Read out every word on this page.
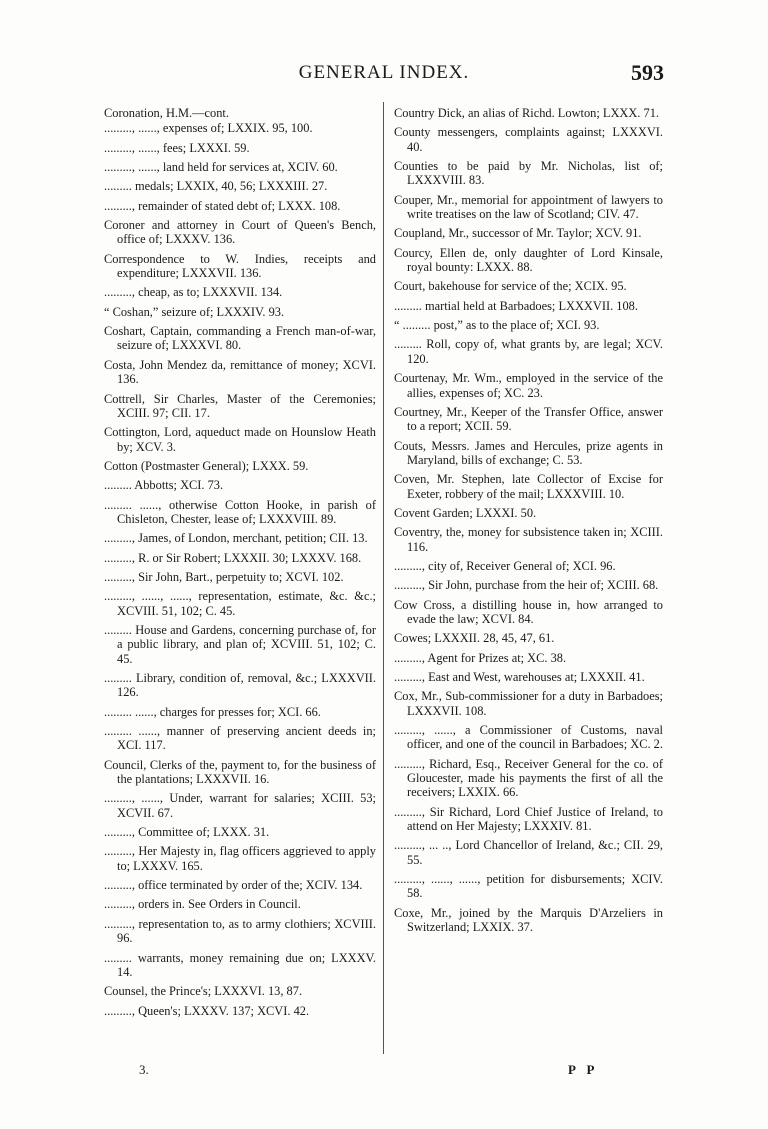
GENERAL INDEX.	593
Coronation, H.M.—cont.
........., ......, expenses of; LXXIX. 95, 100.
........., ......, fees; LXXXI. 59.
........., ......, land held for services at, XCIV. 60.
......... medals; LXXIX, 40, 56; LXXXIII. 27.
........., remainder of stated debt of; LXXX. 108.
Coroner and attorney in Court of Queen's Bench, office of; LXXXV. 136.
Correspondence to W. Indies, receipts and expenditure; LXXXVII. 136.
........., cheap, as to; LXXXVII. 134.
“ Coshan,” seizure of; LXXXIV. 93.
Coshart, Captain, commanding a French man-of-war, seizure of; LXXXVI. 80.
Costa, John Mendez da, remittance of money; XCVI. 136.
Cottrell, Sir Charles, Master of the Ceremonies; XCIII. 97; CII. 17.
Cottington, Lord, aqueduct made on Hounslow Heath by; XCV. 3.
Cotton (Postmaster General); LXXX. 59.
......... Abbotts; XCI. 73.
......... ......, otherwise Cotton Hooke, in parish of Chisleton, Chester, lease of; LXXXVIII. 89.
........., James, of London, merchant, petition; CII. 13.
........., R. or Sir Robert; LXXXII. 30; LXXXV. 168.
........., Sir John, Bart., perpetuity to; XCVI. 102.
........., ......, ......, representation, estimate, &c. &c.; XCVIII. 51, 102; C. 45.
......... House and Gardens, concerning purchase of, for a public library, and plan of; XCVIII. 51, 102; C. 45.
......... Library, condition of, removal, &c.; LXXXVII. 126.
......... ......, charges for presses for; XCI. 66.
......... ......, manner of preserving ancient deeds in; XCI. 117.
Council, Clerks of the, payment to, for the business of the plantations; LXXXVII. 16.
........., ......, Under, warrant for salaries; XCIII. 53; XCVII. 67.
........., Committee of; LXXX. 31.
........., Her Majesty in, flag officers aggrieved to apply to; LXXXV. 165.
........., office terminated by order of the; XCIV. 134.
........., orders in. See Orders in Council.
........., representation to, as to army clothiers; XCVIII. 96.
......... warrants, money remaining due on; LXXXV. 14.
Counsel, the Prince's; LXXXVI. 13, 87.
........., Queen's; LXXXV. 137; XCVI. 42.
Country Dick, an alias of Richd. Lowton; LXXX. 71.
County messengers, complaints against; LXXXVI. 40.
Counties to be paid by Mr. Nicholas, list of; LXXXVIII. 83.
Couper, Mr., memorial for appointment of lawyers to write treatises on the law of Scotland; CIV. 47.
Coupland, Mr., successor of Mr. Taylor; XCV. 91.
Courcy, Ellen de, only daughter of Lord Kinsale, royal bounty: LXXX. 88.
Court, bakehouse for service of the; XCIX. 95.
......... martial held at Barbadoes; LXXXVII. 108.
“ ......... post,” as to the place of; XCI. 93.
......... Roll, copy of, what grants by, are legal; XCV. 120.
Courtenay, Mr. Wm., employed in the service of the allies, expenses of; XC. 23.
Courtney, Mr., Keeper of the Transfer Office, answer to a report; XCII. 59.
Couts, Messrs. James and Hercules, prize agents in Maryland, bills of exchange; C. 53.
Coven, Mr. Stephen, late Collector of Excise for Exeter, robbery of the mail; LXXXVIII. 10.
Covent Garden; LXXXI. 50.
Coventry, the, money for subsistence taken in; XCIII. 116.
........., city of, Receiver General of; XCI. 96.
........., Sir John, purchase from the heir of; XCIII. 68.
Cow Cross, a distilling house in, how arranged to evade the law; XCVI. 84.
Cowes; LXXXII. 28, 45, 47, 61.
........., Agent for Prizes at; XC. 38.
........., East and West, warehouses at; LXXXII. 41.
Cox, Mr., Sub-commissioner for a duty in Barbadoes; LXXXVII. 108.
........., ......, a Commissioner of Customs, naval officer, and one of the council in Barbadoes; XC. 2.
........., Richard, Esq., Receiver General for the co. of Gloucester, made his payments the first of all the receivers; LXXIX. 66.
........., Sir Richard, Lord Chief Justice of Ireland, to attend on Her Majesty; LXXXIV. 81.
........., ... .., Lord Chancellor of Ireland, &c.; CII. 29, 55.
........., ......, ......, petition for disbursements; XCIV. 58.
Coxe, Mr., joined by the Marquis D'Arzeliers in Switzerland; LXXIX. 37.
3.	P P
